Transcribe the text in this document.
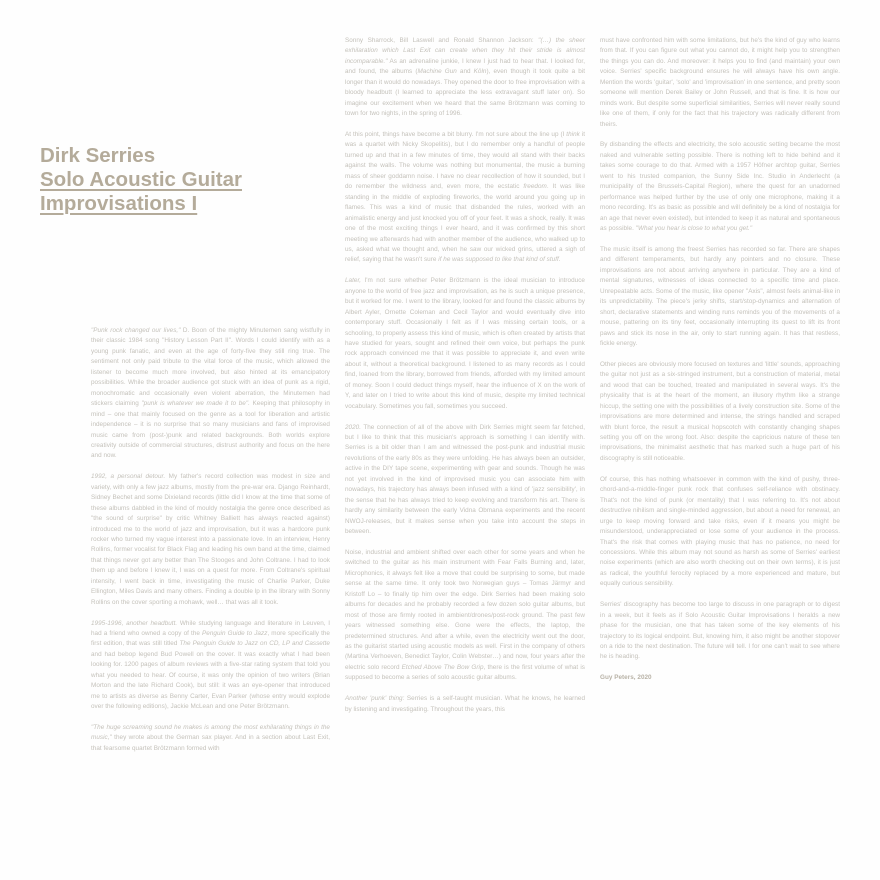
Dirk Serries
Solo Acoustic Guitar
Improvisations I

"Punk rock changed our lives," D. Boon of the mighty Minutemen sang wistfully in their classic 1984 song "History Lesson Part II". Words I could identify with as a young punk fanatic, and even at the age of forty-five they still ring true. The sentiment not only paid tribute to the vital force of the music, which allowed the listener to become much more involved, but also hinted at its emancipatory possibilities. While the broader audience got stuck with an idea of punk as a rigid, monochromatic and occasionally even violent aberration, the Minutemen had stickers claiming "punk is whatever we made it to be". Keeping that philosophy in mind – one that mainly focused on the genre as a tool for liberation and artistic independence – it is no surprise that so many musicians and fans of improvised music came from (post-)punk and related backgrounds. Both worlds explore creativity outside of commercial structures, distrust authority and focus on the here and now.

1992, a personal detour. My father's record collection was modest in size and variety, with only a few jazz albums, mostly from the pre-war era. Django Reinhardt, Sidney Bechet and some Dixieland records (little did I know at the time that some of these albums dabbled in the kind of mouldy nostalgia the genre once described as "the sound of surprise" by critic Whitney Balliett has always reacted against) introduced me to the world of jazz and improvisation, but it was a hardcore punk rocker who turned my vague interest into a passionate love. In an interview, Henry Rollins, former vocalist for Black Flag and leading his own band at the time, claimed that things never got any better than The Stooges and John Coltrane. I had to look them up and before I knew it, I was on a quest for more. From Coltrane's spiritual intensity, I went back in time, investigating the music of Charlie Parker, Duke Ellington, Miles Davis and many others. Finding a double lp in the library with Sonny Rollins on the cover sporting a mohawk, well… that was all it took.

1995-1996, another headbutt. While studying language and literature in Leuven, I had a friend who owned a copy of the Penguin Guide to Jazz, more specifically the first edition, that was still titled The Penguin Guide to Jazz on CD, LP and Cassette and had bebop legend Bud Powell on the cover. It was exactly what I had been looking for. 1200 pages of album reviews with a five-star rating system that told you what you needed to hear. Of course, it was only the opinion of two writers (Brian Morton and the late Richard Cook), but still: it was an eye-opener that introduced me to artists as diverse as Benny Carter, Evan Parker (whose entry would explode over the following editions), Jackie McLean and one Peter Brötzmann.

"The huge screaming sound he makes is among the most exhilarating things in the music," they wrote about the German sax player. And in a section about Last Exit, that fearsome quartet Brötzmann formed with

Sonny Sharrock, Bill Laswell and Ronald Shannon Jackson: "(…) the sheer exhilaration which Last Exit can create when they hit their stride is almost incomparable." As an adrenaline junkie, I knew I just had to hear that. I looked for, and found, the albums (Machine Gun and Köln), even though it took quite a bit longer than it would do nowadays. They opened the door to free improvisation with a bloody headbutt (I learned to appreciate the less extravagant stuff later on). So imagine our excitement when we heard that the same Brötzmann was coming to town for two nights, in the spring of 1996.

At this point, things have become a bit blurry. I'm not sure about the line up (I think it was a quartet with Nicky Skopelitis), but I do remember only a handful of people turned up and that in a few minutes of time, they would all stand with their backs against the walls. The volume was nothing but monumental, the music a burning mass of sheer goddamn noise. I have no clear recollection of how it sounded, but I do remember the wildness and, even more, the ecstatic freedom. It was like standing in the middle of exploding fireworks, the world around you going up in flames. This was a kind of music that disbanded the rules, worked with an animalistic energy and just knocked you off of your feet. It was a shock, really. It was one of the most exciting things I ever heard, and it was confirmed by this short meeting we afterwards had with another member of the audience, who walked up to us, asked what we thought and, when he saw our wicked grins, uttered a sigh of relief, saying that he wasn't sure if he was supposed to like that kind of stuff.

Later, I'm not sure whether Peter Brötzmann is the ideal musician to introduce anyone to the world of free jazz and improvisation, as he is such a unique presence, but it worked for me. I went to the library, looked for and found the classic albums by Albert Ayler, Ornette Coleman and Cecil Taylor and would eventually dive into contemporary stuff. Occasionally I felt as if I was missing certain tools, or a schooling, to properly assess this kind of music, which is often created by artists that have studied for years, sought and refined their own voice, but perhaps the punk rock approach convinced me that it was possible to appreciate it, and even write about it, without a theoretical background. I listened to as many records as I could find, loaned from the library, borrowed from friends, afforded with my limited amount of money. Soon I could deduct things myself, hear the influence of X on the work of Y, and later on I tried to write about this kind of music, despite my limited technical vocabulary. Sometimes you fall, sometimes you succeed.

2020. The connection of all of the above with Dirk Serries might seem far fetched, but I like to think that this musician's approach is something I can identify with. Serries is a bit older than I am and witnessed the post-punk and industrial music revolutions of the early 80s as they were unfolding. He has always been an outsider, active in the DIY tape scene, experimenting with gear and sounds. Though he was not yet involved in the kind of improvised music you can associate him with nowadays, his trajectory has always been infused with a kind of 'jazz sensibility', in the sense that he has always tried to keep evolving and transform his art. There is hardly any similarity between the early Vidna Obmana experiments and the recent NWOJ-releases, but it makes sense when you take into account the steps in between.

Noise, industrial and ambient shifted over each other for some years and when he switched to the guitar as his main instrument with Fear Falls Burning and, later, Microphonics, it always felt like a move that could be surprising to some, but made sense at the same time. It only took two Norwegian guys – Tomas Järmyr and Kristoff Lo – to finally tip him over the edge. Dirk Serries had been making solo albums for decades and he probably recorded a few dozen solo guitar albums, but most of those are firmly rooted in ambient/drones/post-rock ground. The past few years witnessed something else. Gone were the effects, the laptop, the predetermined structures. And after a while, even the electricity went out the door, as the guitarist started using acoustic models as well. First in the company of others (Martina Verhoeven, Benedict Taylor, Colin Webster…) and now, four years after the electric solo record Etched Above The Bow Grip, there is the first volume of what is supposed to become a series of solo acoustic guitar albums.

Another 'punk' thing: Serries is a self-taught musician. What he knows, he learned by listening and investigating. Throughout the years, this

must have confronted him with some limitations, but he's the kind of guy who learns from that. If you can figure out what you cannot do, it might help you to strengthen the things you can do. And moreover: it helps you to find (and maintain) your own voice. Serries' specific background ensures he will always have his own angle. Mention the words 'guitar', 'solo' and 'improvisation' in one sentence, and pretty soon someone will mention Derek Bailey or John Russell, and that is fine. It is how our minds work. But despite some superficial similarities, Serries will never really sound like one of them, if only for the fact that his trajectory was radically different from theirs.

By disbanding the effects and electricity, the solo acoustic setting became the most naked and vulnerable setting possible. There is nothing left to hide behind and it takes some courage to do that. Armed with a 1957 Höfner archtop guitar, Serries went to his trusted companion, the Sunny Side Inc. Studio in Anderlecht (a municipality of the Brussels-Capital Region), where the quest for an unadorned performance was helped further by the use of only one microphone, making it a mono recording. It's as basic as possible and will definitely be a kind of nostalgia for an age that never even existed), but intended to keep it as natural and spontaneous as possible. "What you hear is close to what you get."

The music itself is among the freest Serries has recorded so far. There are shapes and different temperaments, but hardly any pointers and no closure. These improvisations are not about arriving anywhere in particular. They are a kind of mental signatures, witnesses of ideas connected to a specific time and place. Unrepeatable acts. Some of the music, like opener "Axis", almost feels animal-like in its unpredictability. The piece's jerky shifts, start/stop-dynamics and alternation of short, declarative statements and winding runs reminds you of the movements of a mouse, pattering on its tiny feet, occasionally interrupting its quest to lift its front paws and stick its nose in the air, only to start running again. It has that restless, fickle energy.

Other pieces are obviously more focused on textures and 'little' sounds, approaching the guitar not just as a six-stringed instrument, but a construction of material, metal and wood that can be touched, treated and manipulated in several ways. It's the physicality that is at the heart of the moment, an illusory rhythm like a strange hiccup, the setting one with the possibilities of a lively construction site. Some of the improvisations are more determined and intense, the strings handled and scraped with blunt force, the result a musical hopscotch with constantly changing shapes setting you off on the wrong foot. Also: despite the capricious nature of these ten improvisations, the minimalist aesthetic that has marked such a huge part of his discography is still noticeable.

Of course, this has nothing whatsoever in common with the kind of pushy, three-chord-and-a-middle-finger punk rock that confuses self-reliance with obstinacy. That's not the kind of punk (or mentality) that I was referring to. It's not about destructive nihilism and single-minded aggression, but about a need for renewal, an urge to keep moving forward and take risks, even if it means you might be misunderstood, underappreciated or lose some of your audience in the process. That's the risk that comes with playing music that has no patience, no need for concessions. While this album may not sound as harsh as some of Serries' earliest noise experiments (which are also worth checking out on their own terms), it is just as radical, the youthful ferocity replaced by a more experienced and mature, but equally curious sensibility.

Serries' discography has become too large to discuss in one paragraph or to digest in a week, but it feels as if Solo Acoustic Guitar Improvisations I heralds a new phase for the musician, one that has taken some of the key elements of his trajectory to its logical endpoint. But, knowing him, it also might be another stopover on a ride to the next destination. The future will tell. I for one can't wait to see where he is heading.

Guy Peters, 2020
